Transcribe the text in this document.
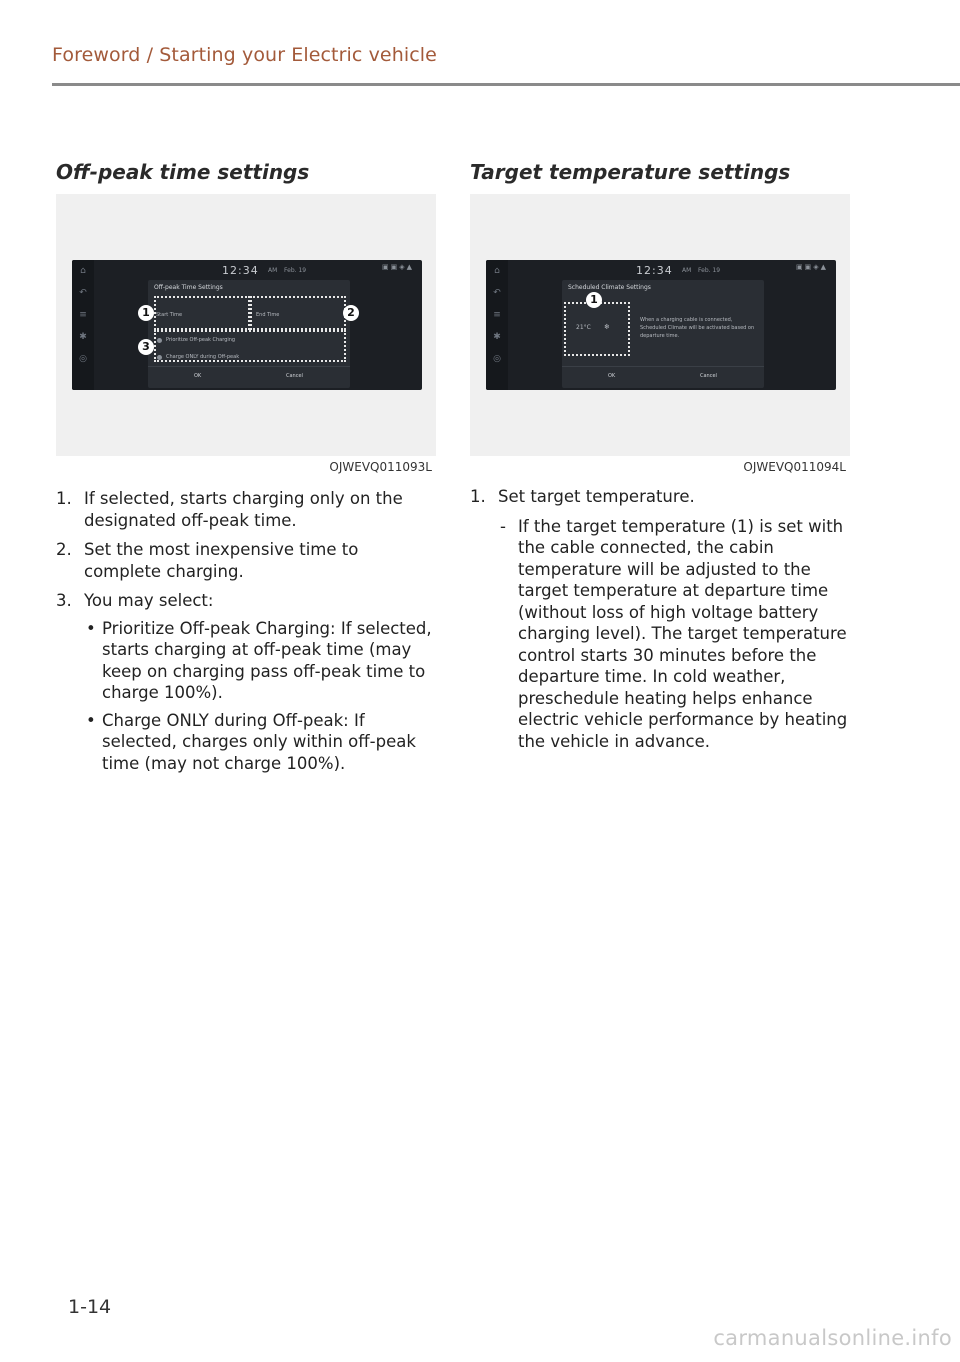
Foreword / Starting your Electric vehicle
Off-peak time settings
⌂
↶
≡
✱
◎
12:34 AM Feb. 19	▣▣◈▲
Off-peak Time Settings
Start Time	End Time
Prioritize Off-peak Charging
Charge ONLY during Off-peak
OK	Cancel
1	2
3
OJWEVQ011093L
1. If selected, starts charging only on the designated off-peak time.
2. Set the most inexpensive time to complete charging.
3. You may select:
• Prioritize Off-peak Charging: If selected, starts charging at off-peak time (may keep on charging pass off-peak time to charge 100%).
• Charge ONLY during Off-peak: If selected, charges only within off-peak time (may not charge 100%).
Target temperature settings
⌂
↶
≡
✱
◎
12:34 AM Feb. 19	▣▣◈▲
Scheduled Climate Settings
21°C ❄
When a charging cable is connected, Scheduled Climate will be activated based on departure time.
OK	Cancel
1
OJWEVQ011094L
1. Set target temperature.
- If the target temperature (1) is set with the cable connected, the cabin temperature will be adjusted to the target temperature at departure time (without loss of high voltage battery charging level). The target temperature control starts 30 minutes before the departure time. In cold weather, preschedule heating helps enhance electric vehicle performance by heating the vehicle in advance.
1-14
carmanualsonline.info
